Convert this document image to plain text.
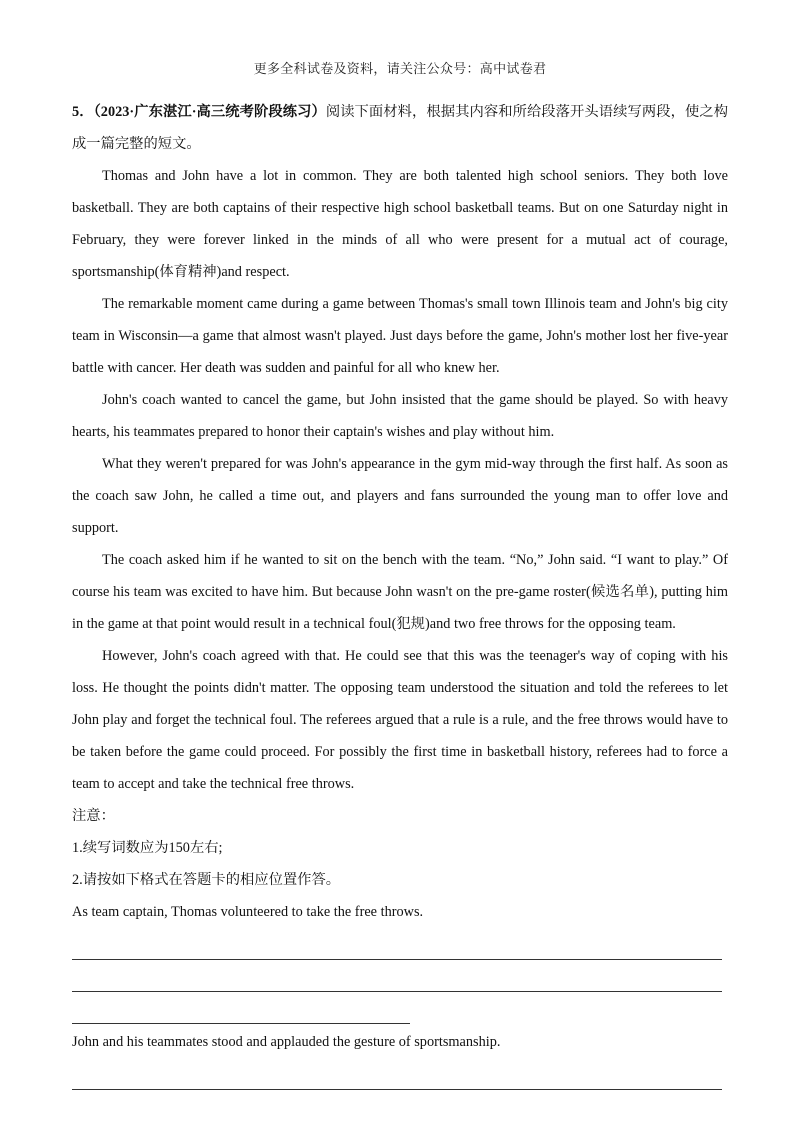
更多全科试卷及资料，请关注公众号：高中试卷君

5．（2023·广东湛江·高三统考阶段练习）阅读下面材料，根据其内容和所给段落开头语续写两段，使之构成一篇完整的短文。

Thomas and John have a lot in common. They are both talented high school seniors. They both love basketball. They are both captains of their respective high school basketball teams. But on one Saturday night in February, they were forever linked in the minds of all who were present for a mutual act of courage, sportsmanship(体育精神)and respect.

The remarkable moment came during a game between Thomas's small town Illinois team and John's big city team in Wisconsin—a game that almost wasn't played. Just days before the game, John's mother lost her five-year battle with cancer. Her death was sudden and painful for all who knew her.

John's coach wanted to cancel the game, but John insisted that the game should be played. So with heavy hearts, his teammates prepared to honor their captain's wishes and play without him.

What they weren't prepared for was John's appearance in the gym mid-way through the first half. As soon as the coach saw John, he called a time out, and players and fans surrounded the young man to offer love and support.

The coach asked him if he wanted to sit on the bench with the team. “No,” John said. “I want to play.” Of course his team was excited to have him. But because John wasn't on the pre-game roster(候选名单), putting him in the game at that point would result in a technical foul(犯规)and two free throws for the opposing team.

However, John's coach agreed with that. He could see that this was the teenager's way of coping with his loss. He thought the points didn't matter. The opposing team understood the situation and told the referees to let John play and forget the technical foul. The referees argued that a rule is a rule, and the free throws would have to be taken before the game could proceed. For possibly the first time in basketball history, referees had to force a team to accept and take the technical free throws.

注意：

1.续写词数应为150左右;

2.请按如下格式在答题卡的相应位置作答。

As team captain, Thomas volunteered to take the free throws.

John and his teammates stood and applauded the gesture of sportsmanship.
